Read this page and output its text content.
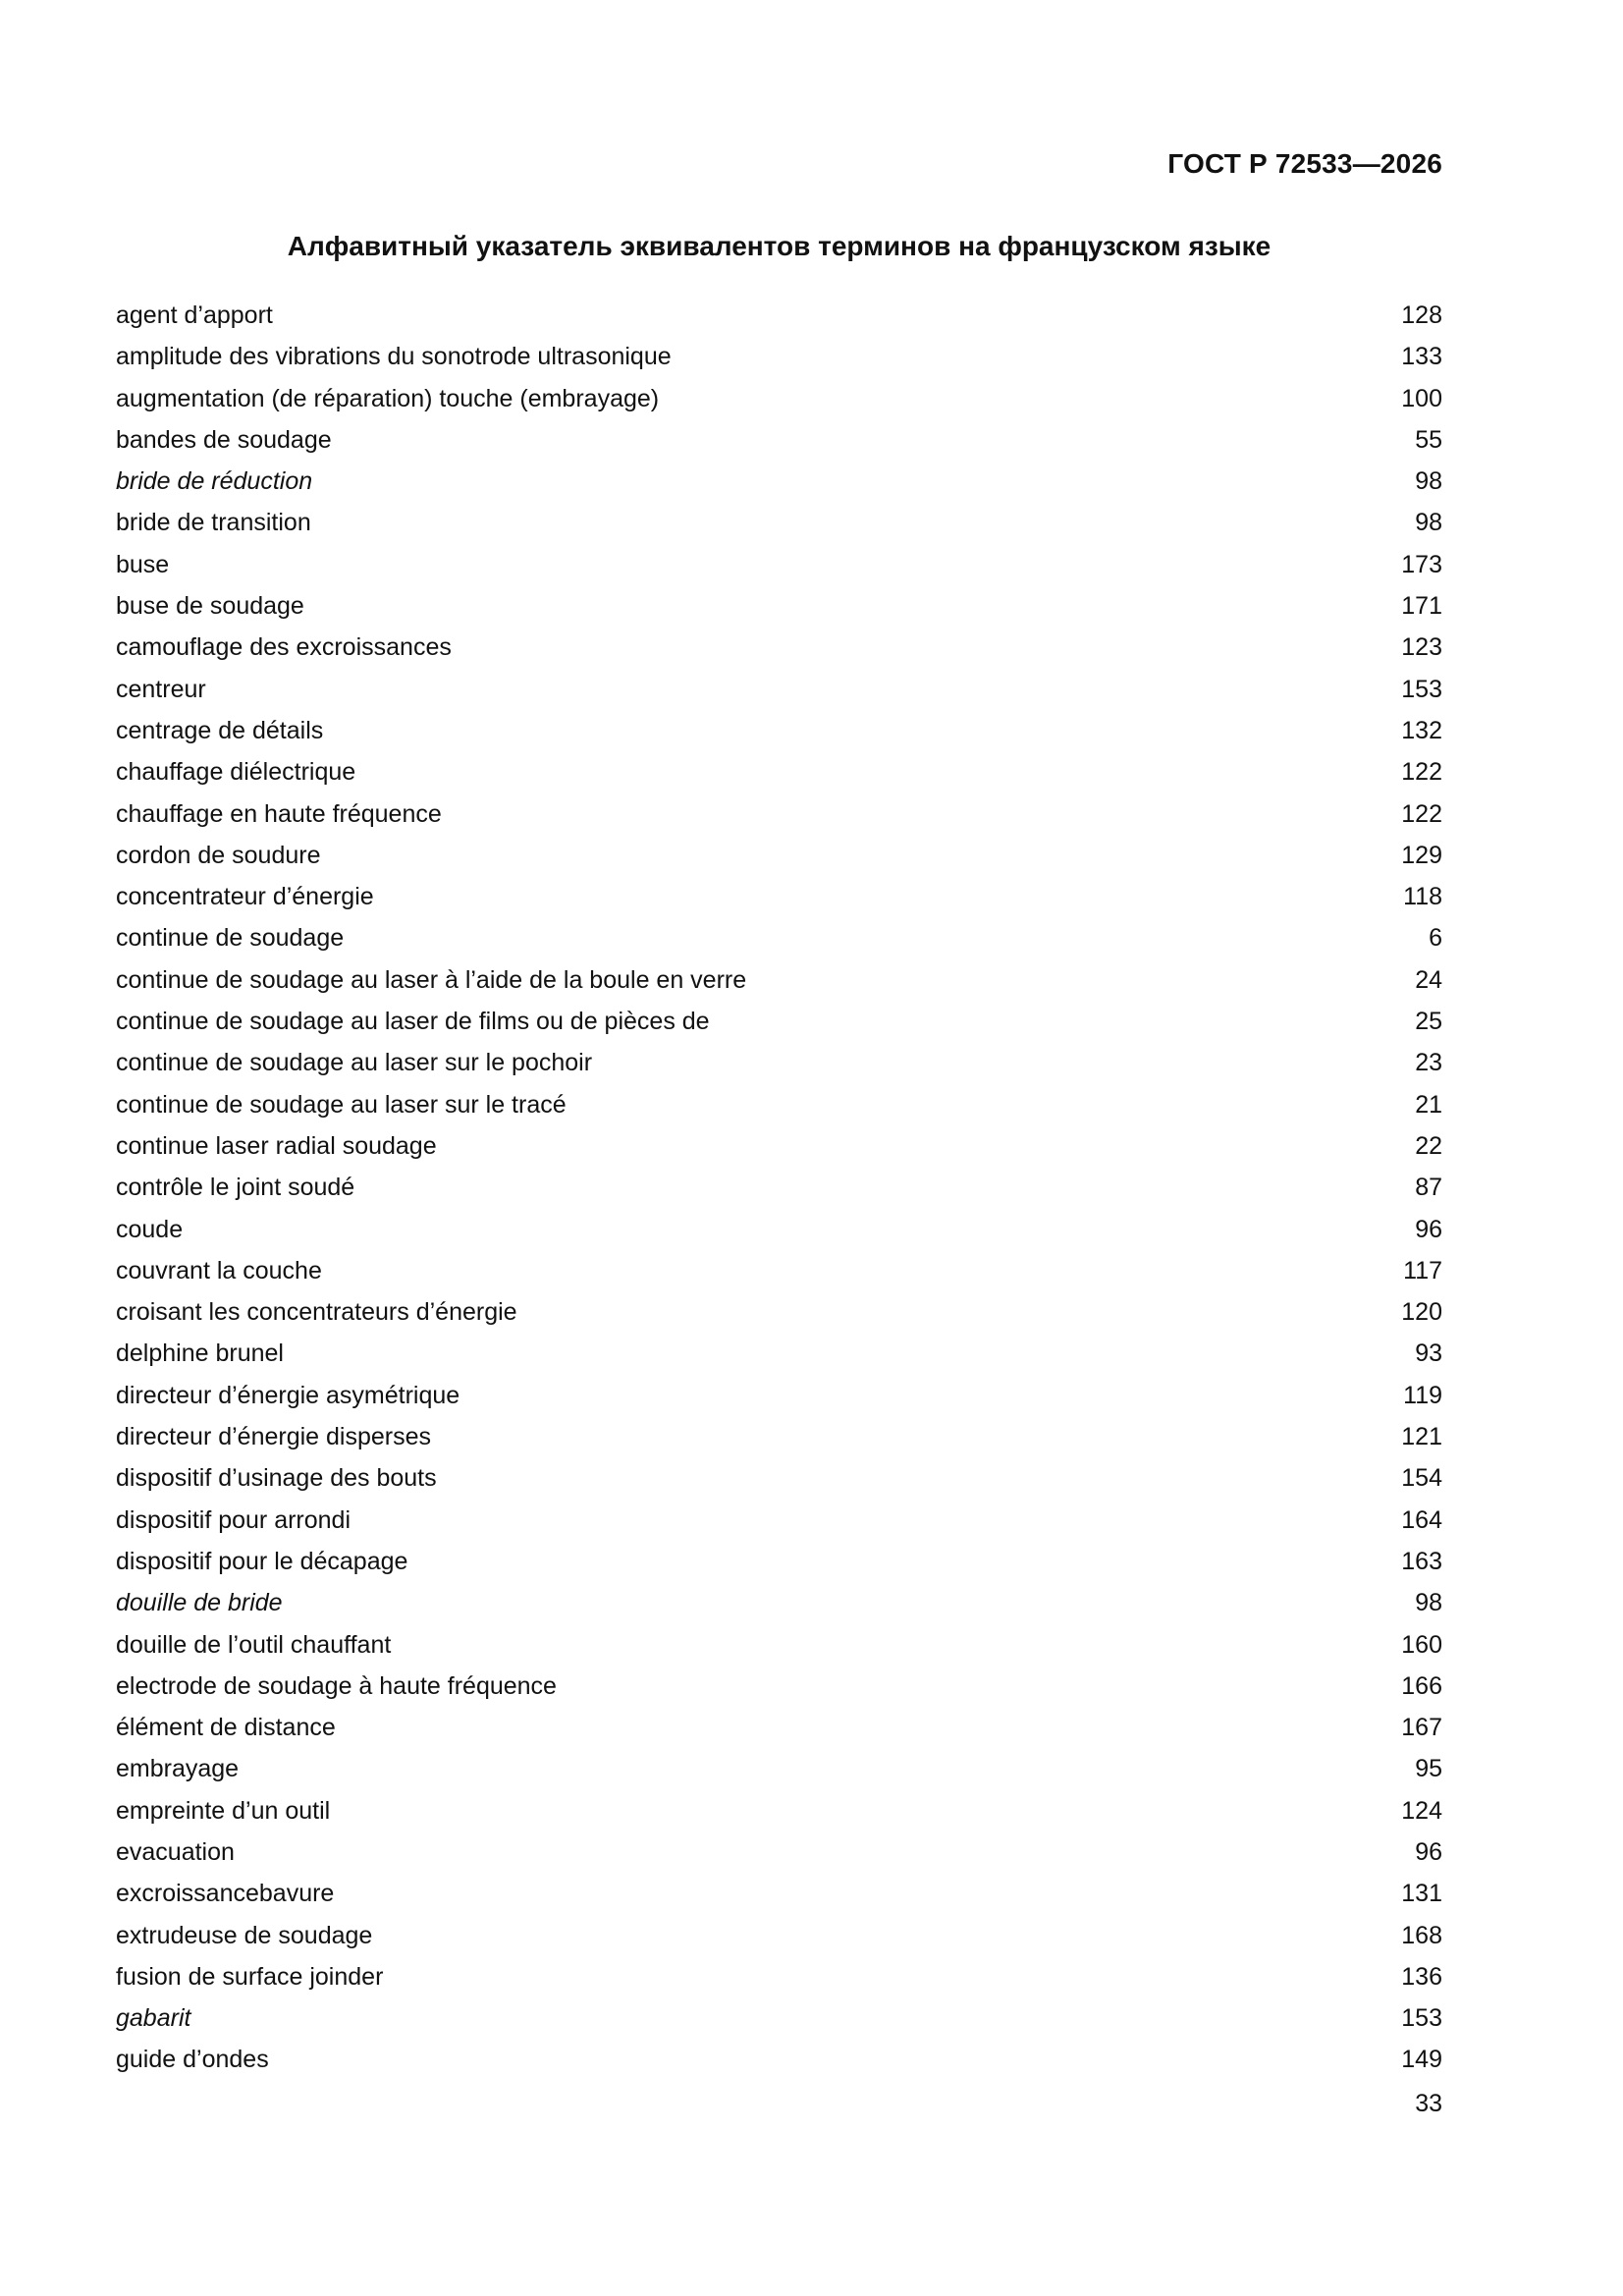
ГОСТ Р 72533—2026
Алфавитный указатель эквивалентов терминов на французском языке
agent d’apport	128
amplitude des vibrations du sonotrode ultrasonique	133
augmentation (de réparation) touche (embrayage)	100
bandes de soudage	55
bride de réduction	98
bride de transition	98
buse	173
buse de soudage	171
camouflage des excroissances	123
centreur	153
centrage de détails	132
chauffage diélectrique	122
chauffage en haute fréquence	122
cordon de soudure	129
concentrateur d’énergie	118
continue de soudage	6
continue de soudage au laser à l’aide de la boule en verre	24
continue de soudage au laser de films ou de pièces de	25
continue de soudage au laser sur le pochoir	23
continue de soudage au laser sur le tracé	21
continue laser radial soudage	22
contrôle le joint soudé	87
coude	96
couvrant la couche	117
croisant les concentrateurs d’énergie	120
delphine brunel	93
directeur d’énergie asymétrique	119
directeur d’énergie disperses	121
dispositif d’usinage des bouts	154
dispositif pour arrondi	164
dispositif pour le décapage	163
douille de bride	98
douille de l’outil chauffant	160
electrode de soudage à haute fréquence	166
élément de distance	167
embrayage	95
empreinte d’un outil	124
evacuation	96
excroissancebavure	131
extrudeuse de soudage	168
fusion de surface joinder	136
gabarit	153
guide d’ondes	149
33
